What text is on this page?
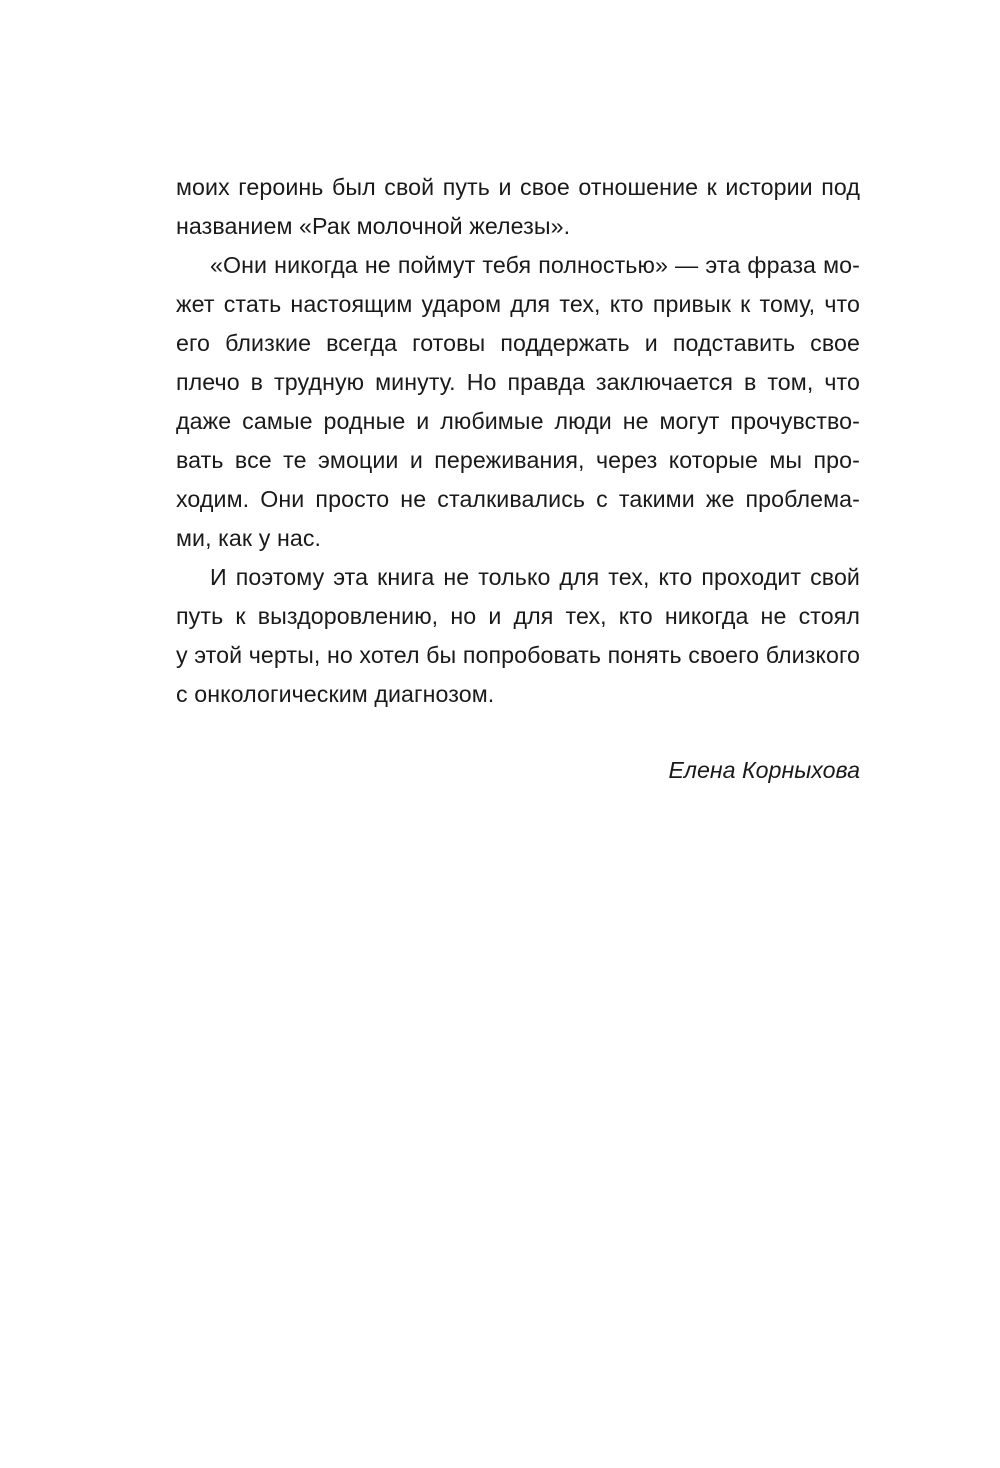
моих героинь был свой путь и свое отношение к истории под
названием «Рак молочной железы».

«Они никогда не поймут тебя полностью» — эта фраза мо-
жет стать настоящим ударом для тех, кто привык к тому, что
его близкие всегда готовы поддержать и подставить свое
плечо в трудную минуту. Но правда заключается в том, что
даже самые родные и любимые люди не могут прочувство-
вать все те эмоции и переживания, через которые мы про-
ходим. Они просто не сталкивались с такими же проблема-
ми, как у нас.

И поэтому эта книга не только для тех, кто проходит свой
путь к выздоровлению, но и для тех, кто никогда не стоял
у этой черты, но хотел бы попробовать понять своего близкого
с онкологическим диагнозом.

Елена Корныхова
